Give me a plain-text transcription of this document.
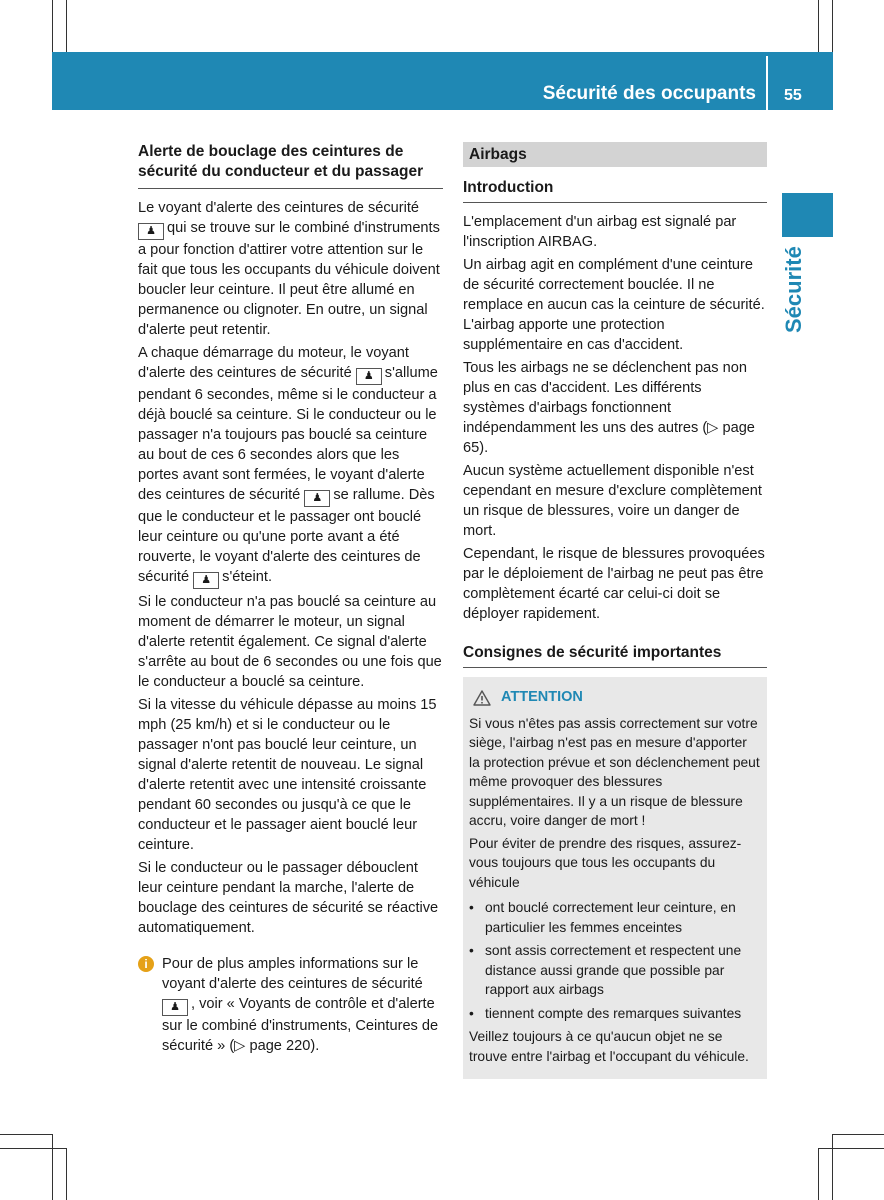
Sécurité des occupants 55
Sécurité
Alerte de bouclage des ceintures de sécurité du conducteur et du passager

Le voyant d'alerte des ceintures de sécurité ♟ qui se trouve sur le combiné d'instruments a pour fonction d'attirer votre attention sur le fait que tous les occupants du véhicule doivent boucler leur ceinture. Il peut être allumé en permanence ou clignoter. En outre, un signal d'alerte peut retentir.

A chaque démarrage du moteur, le voyant d'alerte des ceintures de sécurité ♟ s'allume pendant 6 secondes, même si le conducteur a déjà bouclé sa ceinture. Si le conducteur ou le passager n'a toujours pas bouclé sa ceinture au bout de ces 6 secondes alors que les portes avant sont fermées, le voyant d'alerte des ceintures de sécurité ♟ se rallume. Dès que le conducteur et le passager ont bouclé leur ceinture ou qu'une porte avant a été rouverte, le voyant d'alerte des ceintures de sécurité ♟ s'éteint.

Si le conducteur n'a pas bouclé sa ceinture au moment de démarrer le moteur, un signal d'alerte retentit également. Ce signal d'alerte s'arrête au bout de 6 secondes ou une fois que le conducteur a bouclé sa ceinture.

Si la vitesse du véhicule dépasse au moins 15 mph (25 km/h) et si le conducteur ou le passager n'ont pas bouclé leur ceinture, un signal d'alerte retentit de nouveau. Le signal d'alerte retentit avec une intensité croissante pendant 60 secondes ou jusqu'à ce que le conducteur et le passager aient bouclé leur ceinture.

Si le conducteur ou le passager débouclent leur ceinture pendant la marche, l'alerte de bouclage des ceintures de sécurité se réactive automatiquement.

i Pour de plus amples informations sur le voyant d'alerte des ceintures de sécurité ♟ , voir « Voyants de contrôle et d'alerte sur le combiné d'instruments, Ceintures de sécurité » (▷ page 220).
Airbags
Introduction

L'emplacement d'un airbag est signalé par l'inscription AIRBAG.

Un airbag agit en complément d'une ceinture de sécurité correctement bouclée. Il ne remplace en aucun cas la ceinture de sécurité. L'airbag apporte une protection supplémentaire en cas d'accident.

Tous les airbags ne se déclenchent pas non plus en cas d'accident. Les différents systèmes d'airbags fonctionnent indépendamment les uns des autres (▷ page 65).

Aucun système actuellement disponible n'est cependant en mesure d'exclure complètement un risque de blessures, voire un danger de mort.

Cependant, le risque de blessures provoquées par le déploiement de l'airbag ne peut pas être complètement écarté car celui-ci doit se déployer rapidement.

Consignes de sécurité importantes
ATTENTION

Si vous n'êtes pas assis correctement sur votre siège, l'airbag n'est pas en mesure d'apporter la protection prévue et son déclenchement peut même provoquer des blessures supplémentaires. Il y a un risque de blessure accru, voire danger de mort !

Pour éviter de prendre des risques, assurez-vous toujours que tous les occupants du véhicule

• ont bouclé correctement leur ceinture, en particulier les femmes enceintes
• sont assis correctement et respectent une distance aussi grande que possible par rapport aux airbags
• tiennent compte des remarques suivantes

Veillez toujours à ce qu'aucun objet ne se trouve entre l'airbag et l'occupant du véhicule.
